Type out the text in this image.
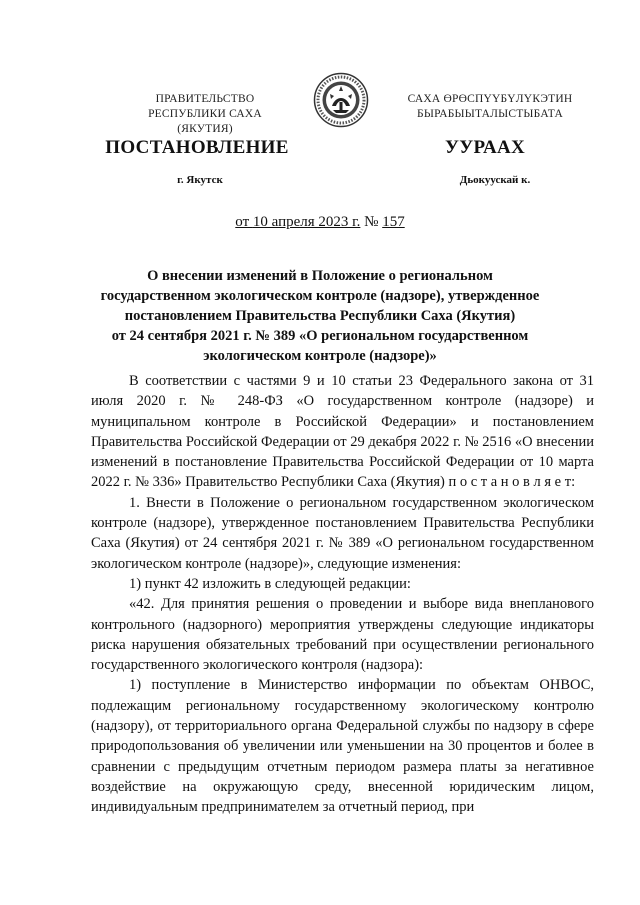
ПРАВИТЕЛЬСТВО
РЕСПУБЛИКИ САХА (ЯКУТИЯ)
САХА ӨРӨСПҮҮБҮЛҮКЭТИН
БЫРАБЫЫТАЛЫСТЫБАТА
ПОСТАНОВЛЕНИЕ	УУРААХ
г. Якутск	Дьокуускай к.
от 10 апреля 2023 г. № 157
О внесении изменений в Положение о региональном
государственном экологическом контроле (надзоре), утвержденное
постановлением Правительства Республики Саха (Якутия)
от 24 сентября 2021 г. № 389 «О региональном государственном
экологическом контроле (надзоре)»

В соответствии с частями 9 и 10 статьи 23 Федерального закона от 31 июля 2020 г. № 248-ФЗ «О государственном контроле (надзоре) и муниципальном контроле в Российской Федерации» и постановлением Правительства Российской Федерации от 29 декабря 2022 г. № 2516 «О внесении изменений в постановление Правительства Российской Федерации от 10 марта 2022 г. № 336» Правительство Республики Саха (Якутия) п о с т а н о в л я е т:

1. Внести в Положение о региональном государственном экологическом контроле (надзоре), утвержденное постановлением Правительства Республики Саха (Якутия) от 24 сентября 2021 г. № 389 «О региональном государственном экологическом контроле (надзоре)», следующие изменения:

1) пункт 42 изложить в следующей редакции:

«42. Для принятия решения о проведении и выборе вида внепланового контрольного (надзорного) мероприятия утверждены следующие индикаторы риска нарушения обязательных требований при осуществлении регионального государственного экологического контроля (надзора):

1) поступление в Министерство информации по объектам ОНВОС, подлежащим региональному государственному экологическому контролю (надзору), от территориального органа Федеральной службы по надзору в сфере природопользования об увеличении или уменьшении на 30 процентов и более в сравнении с предыдущим отчетным периодом размера платы за негативное воздействие на окружающую среду, внесенной юридическим лицом, индивидуальным предпринимателем за отчетный период, при
